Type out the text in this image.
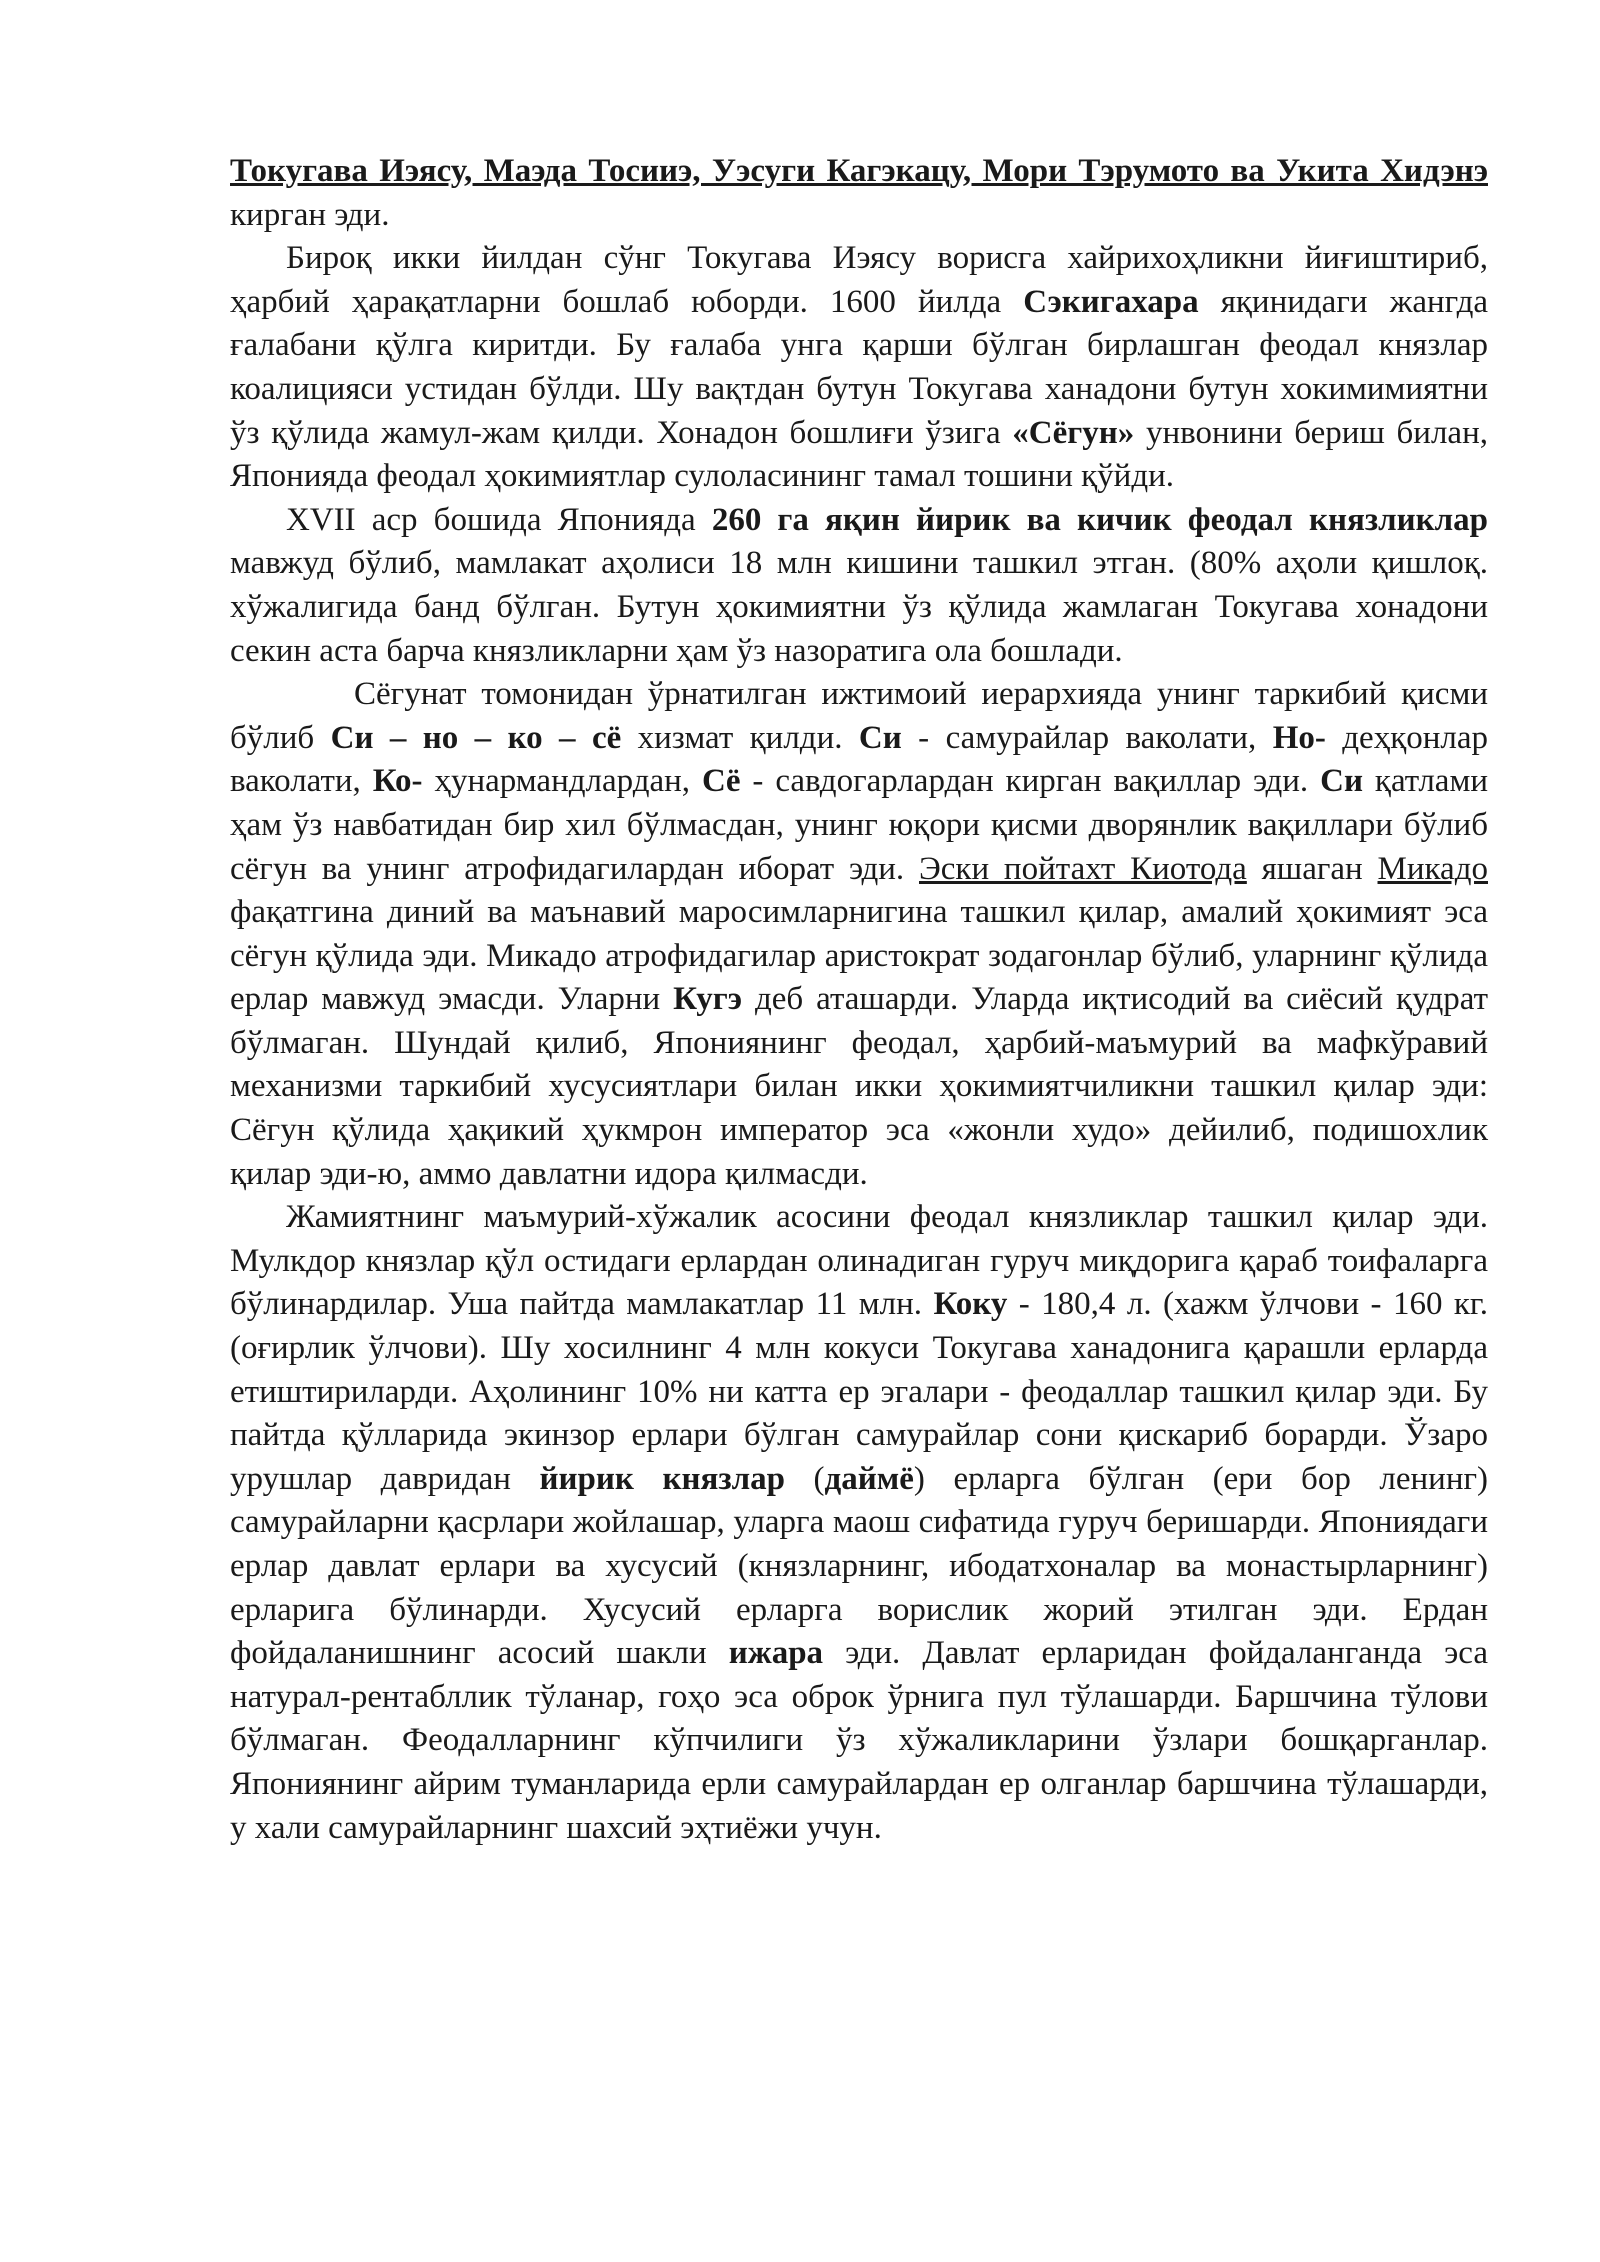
Токугава Иэясу, Маэда Тосииэ, Уэсуги Кагэкацу, Мори Тэрумото ва Укита Хидэнэ кирган эди.

Бироқ икки йилдан сўнг Токугава Иэясу ворисга хайрихоҳликни йиғиштириб, ҳарбий ҳарақатларни бошлаб юборди. 1600 йилда Сэкигахара яқинидаги жангда ғалабани қўлга киритди. Бу ғалаба унга қарши бўлган бирлашган феодал князлар коалицияси устидан бўлди. Шу вақтдан бутун Токугава ханадони бутун хокимимиятни ўз қўлида жамул-жам қилди. Хонадон бошлиғи ўзига «Сёгун» унвонини бериш билан, Японияда феодал ҳокимиятлар сулоласининг тамал тошини қўйди.

XVII аср бошида Японияда 260 га яқин йирик ва кичик феодал князликлар мавжуд бўлиб, мамлакат аҳолиси 18 млн кишини ташкил этган. (80% аҳоли қишлоқ. хўжалигида банд бўлган. Бутун ҳокимиятни ўз қўлида жамлаган Токугава хонадони секин аста барча князликларни ҳам ўз назоратига ола бошлади.

Сёгунат томонидан ўрнатилган ижтимоий иерархияда унинг таркибий қисми бўлиб Си – но – ко – сё хизмат қилди. Си - самурайлар ваколати, Но- деҳқонлар ваколати, Ко- ҳунармандлардан, Сё - савдогарлардан кирган вақиллар эди. Си қатлами ҳам ўз навбатидан бир хил бўлмасдан, унинг юқори қисми дворянлик вақиллари бўлиб сёгун ва унинг атрофидагилардан иборат эди. Эски пойтахт Киотода яшаган Микадо фақатгина диний ва маънавий маросимларнигина ташкил қилар, амалий ҳокимият эса сёгун қўлида эди. Микадо атрофидагилар аристократ зодагонлар бўлиб, уларнинг қўлида ерлар мавжуд эмасди. Уларни Кугэ деб аташарди. Уларда иқтисодий ва сиёсий қудрат бўлмаган. Шундай қилиб, Япониянинг феодал, ҳарбий-маъмурий ва мафкўравий механизми таркибий хусусиятлари билан икки ҳокимиятчиликни ташкил қилар эди: Сёгун қўлида ҳақикий ҳукмрон император эса «жонли худо» дейилиб, подишохлик қилар эди-ю, аммо давлатни идора қилмасди.

Жамиятнинг маъмурий-хўжалик асосини феодал князликлар ташкил қилар эди. Мулкдор князлар қўл остидаги ерлардан олинадиган гуруч миқдорига қараб тоифаларга бўлинардилар. Уша пайтда мамлакатлар 11 млн. Коку - 180,4 л. (хажм ўлчови - 160 кг. (оғирлик ўлчови). Шу хосилнинг 4 млн кокуси Токугава ханадонига қарашли ерларда етиштириларди. Аҳолининг 10% ни катта ер эгалари - феодаллар ташкил қилар эди. Бу пайтда қўлларида экинзор ерлари бўлган самурайлар сони қискариб борарди. Ўзаро урушлар давридан йирик князлар (даймё) ерларга бўлган (ери бор ленинг) самурайларни қасрлари жойлашар, уларга маош сифатида гуруч беришарди. Япониядаги ерлар давлат ерлари ва хусусий (князларнинг, ибодатхоналар ва монастырларнинг) ерларига бўлинарди. Хусусий ерларга ворислик жорий этилган эди. Ердан фойдаланишнинг асосий шакли ижара эди. Давлат ерларидан фойдаланганда эса натурал-рентабллик тўланар, гоҳо эса оброк ўрнига пул тўлашарди. Баршчина тўлови бўлмаган. Феодалларнинг кўпчилиги ўз хўжаликларини ўзлари бошқарганлар. Япониянинг айрим туманларида ерли самурайлардан ер олганлар баршчина тўлашарди, у хали самурайларнинг шахсий эҳтиёжи учун.
